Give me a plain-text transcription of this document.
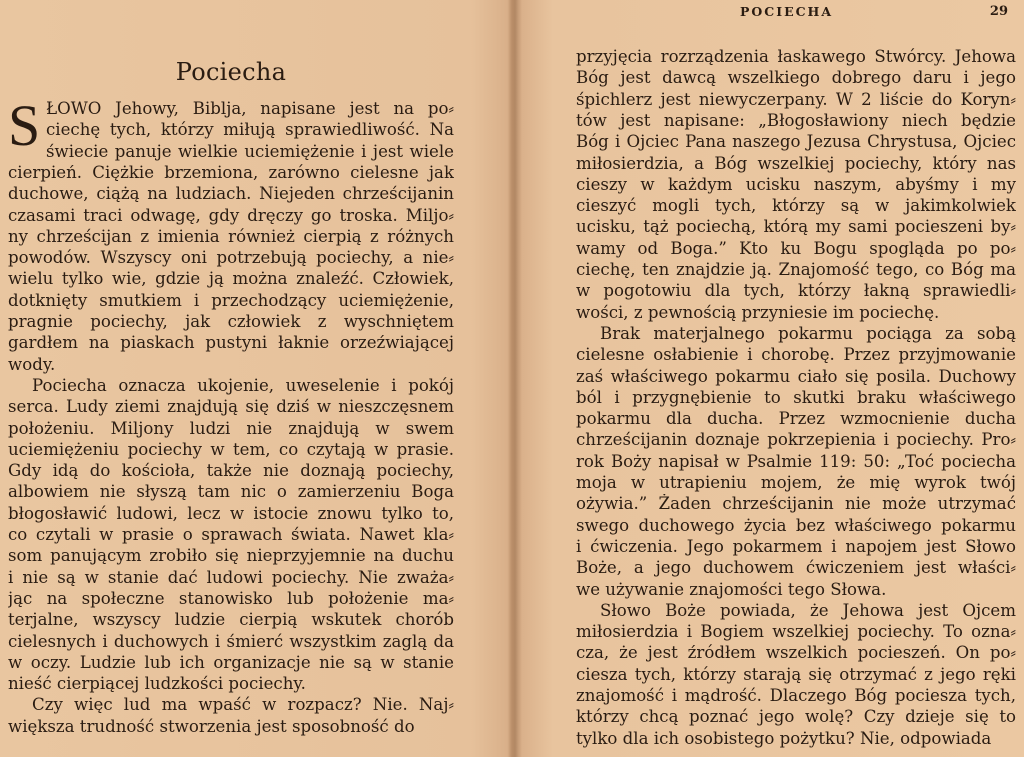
POCIECHA	29
Pociecha
S ŁOWO Jehowy, Biblja, napisane jest na po⸗
ciechę tych, którzy miłują sprawiedliwość. Na
świecie panuje wielkie uciemiężenie i jest wiele
cierpień. Ciężkie brzemiona, zarówno cielesne jak
duchowe, ciążą na ludziach. Niejeden chrześcijanin
czasami traci odwagę, gdy dręczy go troska. Miljo⸗
ny chrześcijan z imienia również cierpią z różnych
powodów. Wszyscy oni potrzebują pociechy, a nie⸗
wielu tylko wie, gdzie ją można znaleźć. Człowiek,
dotknięty smutkiem i przechodzący uciemiężenie,
pragnie pociechy, jak człowiek z wyschniętem
gardłem na piaskach pustyni łaknie orzeźwiającej
wody.
Pociecha oznacza ukojenie, uweselenie i pokój
serca. Ludy ziemi znajdują się dziś w nieszczęsnem
położeniu. Miljony ludzi nie znajdują w swem
uciemiężeniu pociechy w tem, co czytają w prasie.
Gdy idą do kościoła, także nie doznają pociechy,
albowiem nie słyszą tam nic o zamierzeniu Boga
błogosławić ludowi, lecz w istocie znowu tylko to,
co czytali w prasie o sprawach świata. Nawet kla⸗
som panującym zrobiło się nieprzyjemnie na duchu
i nie są w stanie dać ludowi pociechy. Nie zważa⸗
jąc na społeczne stanowisko lub położenie ma⸗
terjalne, wszyscy ludzie cierpią wskutek chorób
cielesnych i duchowych i śmierć wszystkim zaglą da
w oczy. Ludzie lub ich organizacje nie są w stanie
nieść cierpiącej ludzkości pociechy.
Czy więc lud ma wpaść w rozpacz? Nie. Naj⸗
większa trudność stworzenia jest sposobność do
przyjęcia rozrządzenia łaskawego Stwórcy. Jehowa
Bóg jest dawcą wszelkiego dobrego daru i jego
śpichlerz jest niewyczerpany. W 2 liście do Koryn⸗
tów jest napisane: „Błogosławiony niech będzie
Bóg i Ojciec Pana naszego Jezusa Chrystusa, Ojciec
miłosierdzia, a Bóg wszelkiej pociechy, który nas
cieszy w każdym ucisku naszym, abyśmy i my
cieszyć mogli tych, którzy są w jakimkolwiek
ucisku, tąż pociechą, którą my sami pocieszeni by⸗
wamy od Boga.” Kto ku Bogu spogląda po po⸗
ciechę, ten znajdzie ją. Znajomość tego, co Bóg ma
w pogotowiu dla tych, którzy łakną sprawiedli⸗
wości, z pewnością przyniesie im pociechę.
Brak materjalnego pokarmu pociąga za sobą
cielesne osłabienie i chorobę. Przez przyjmowanie
zaś właściwego pokarmu ciało się posila. Duchowy
ból i przygnębienie to skutki braku właściwego
pokarmu dla ducha. Przez wzmocnienie ducha
chrześcijanin doznaje pokrzepienia i pociechy. Pro⸗
rok Boży napisał w Psalmie 119: 50: „Toć pociecha
moja w utrapieniu mojem, że mię wyrok twój
ożywia.” Żaden chrześcijanin nie może utrzymać
swego duchowego życia bez właściwego pokarmu
i ćwiczenia. Jego pokarmem i napojem jest Słowo
Boże, a jego duchowem ćwiczeniem jest właści⸗
we używanie znajomości tego Słowa.
Słowo Boże powiada, że Jehowa jest Ojcem
miłosierdzia i Bogiem wszelkiej pociechy. To ozna⸗
cza, że jest źródłem wszelkich pocieszeń. On po⸗
ciesza tych, którzy starają się otrzymać z jego ręki
znajomość i mądrość. Dlaczego Bóg pociesza tych,
którzy chcą poznać jego wolę? Czy dzieje się to
tylko dla ich osobistego pożytku? Nie, odpowiada
